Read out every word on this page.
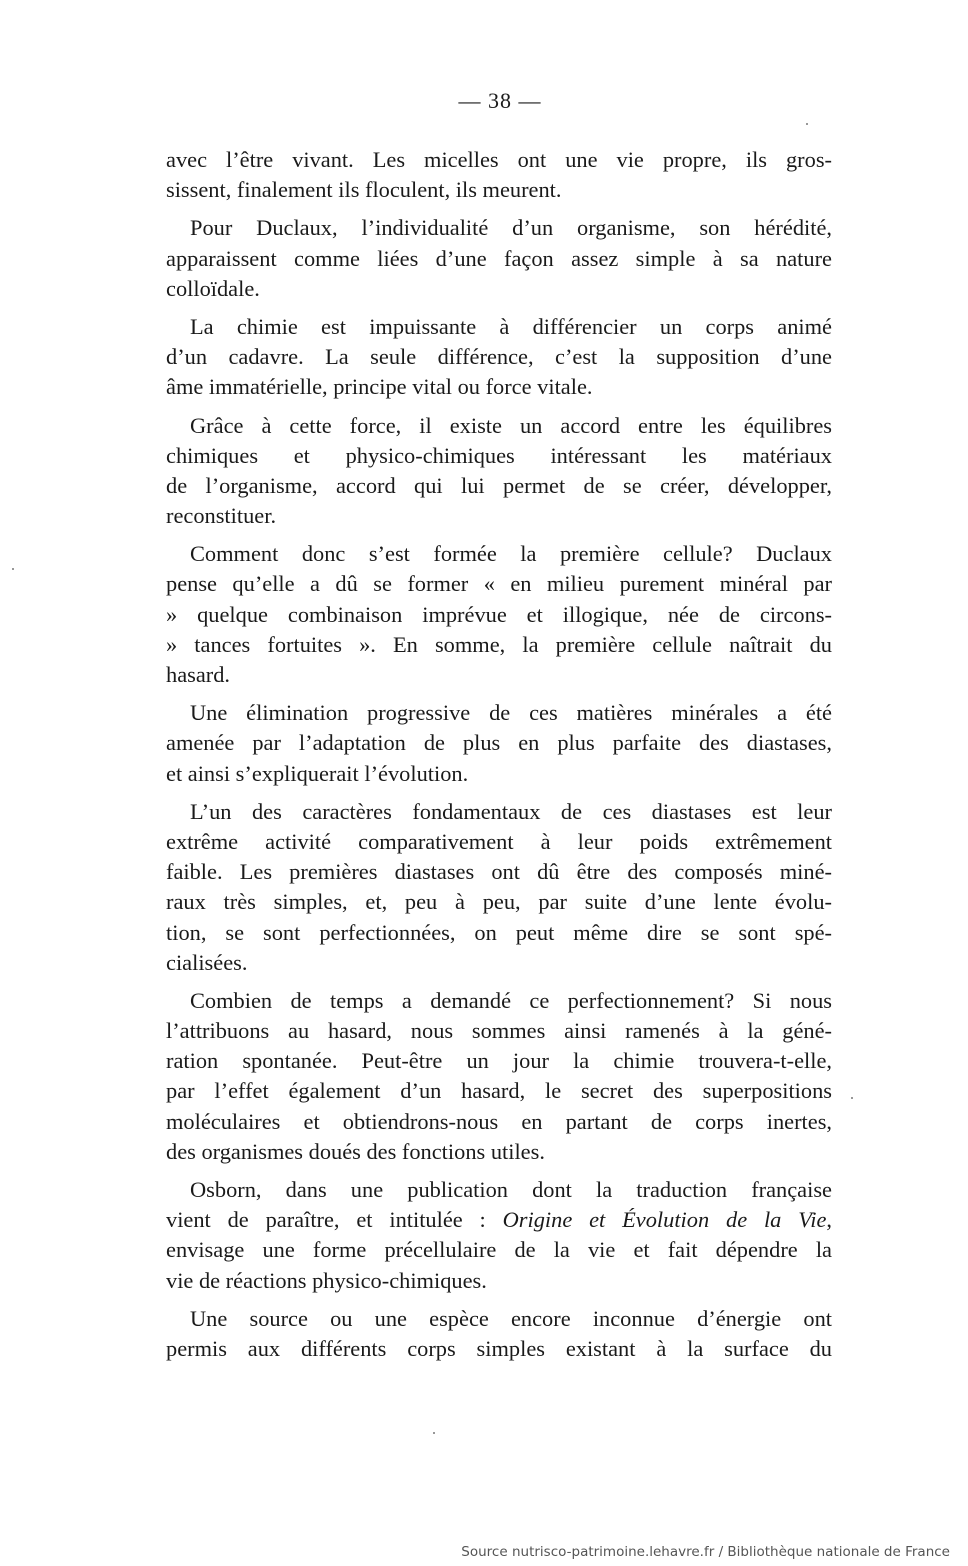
— 38 —
avec l’être vivant. Les micelles ont une vie propre, ils gros-
sissent, finalement ils floculent, ils meurent.
Pour Duclaux, l’individualité d’un organisme, son hérédité,
apparaissent comme liées d’une façon assez simple à sa nature
colloïdale.
La chimie est impuissante à différencier un corps animé
d’un cadavre. La seule différence, c’est la supposition d’une
âme immatérielle, principe vital ou force vitale.
Grâce à cette force, il existe un accord entre les équilibres
chimiques et physico-chimiques intéressant les matériaux
de l’organisme, accord qui lui permet de se créer, développer,
reconstituer.
Comment donc s’est formée la première cellule? Duclaux
pense qu’elle a dû se former « en milieu purement minéral par
» quelque combinaison imprévue et illogique, née de circons-
» tances fortuites ». En somme, la première cellule naîtrait du
hasard.
Une élimination progressive de ces matières minérales a été
amenée par l’adaptation de plus en plus parfaite des diastases,
et ainsi s’expliquerait l’évolution.
L’un des caractères fondamentaux de ces diastases est leur
extrême activité comparativement à leur poids extrêmement
faible. Les premières diastases ont dû être des composés miné-
raux très simples, et, peu à peu, par suite d’une lente évolu-
tion, se sont perfectionnées, on peut même dire se sont spé-
cialisées.
Combien de temps a demandé ce perfectionnement? Si nous
l’attribuons au hasard, nous sommes ainsi ramenés à la géné-
ration spontanée. Peut-être un jour la chimie trouvera-t-elle,
par l’effet également d’un hasard, le secret des superpositions
moléculaires et obtiendrons-nous en partant de corps inertes,
des organismes doués des fonctions utiles.
Osborn, dans une publication dont la traduction française
vient de paraître, et intitulée : Origine et Évolution de la Vie,
envisage une forme précellulaire de la vie et fait dépendre la
vie de réactions physico-chimiques.
Une source ou une espèce encore inconnue d’énergie ont
permis aux différents corps simples existant à la surface du
Source nutrisco-patrimoine.lehavre.fr / Bibliothèque nationale de France
